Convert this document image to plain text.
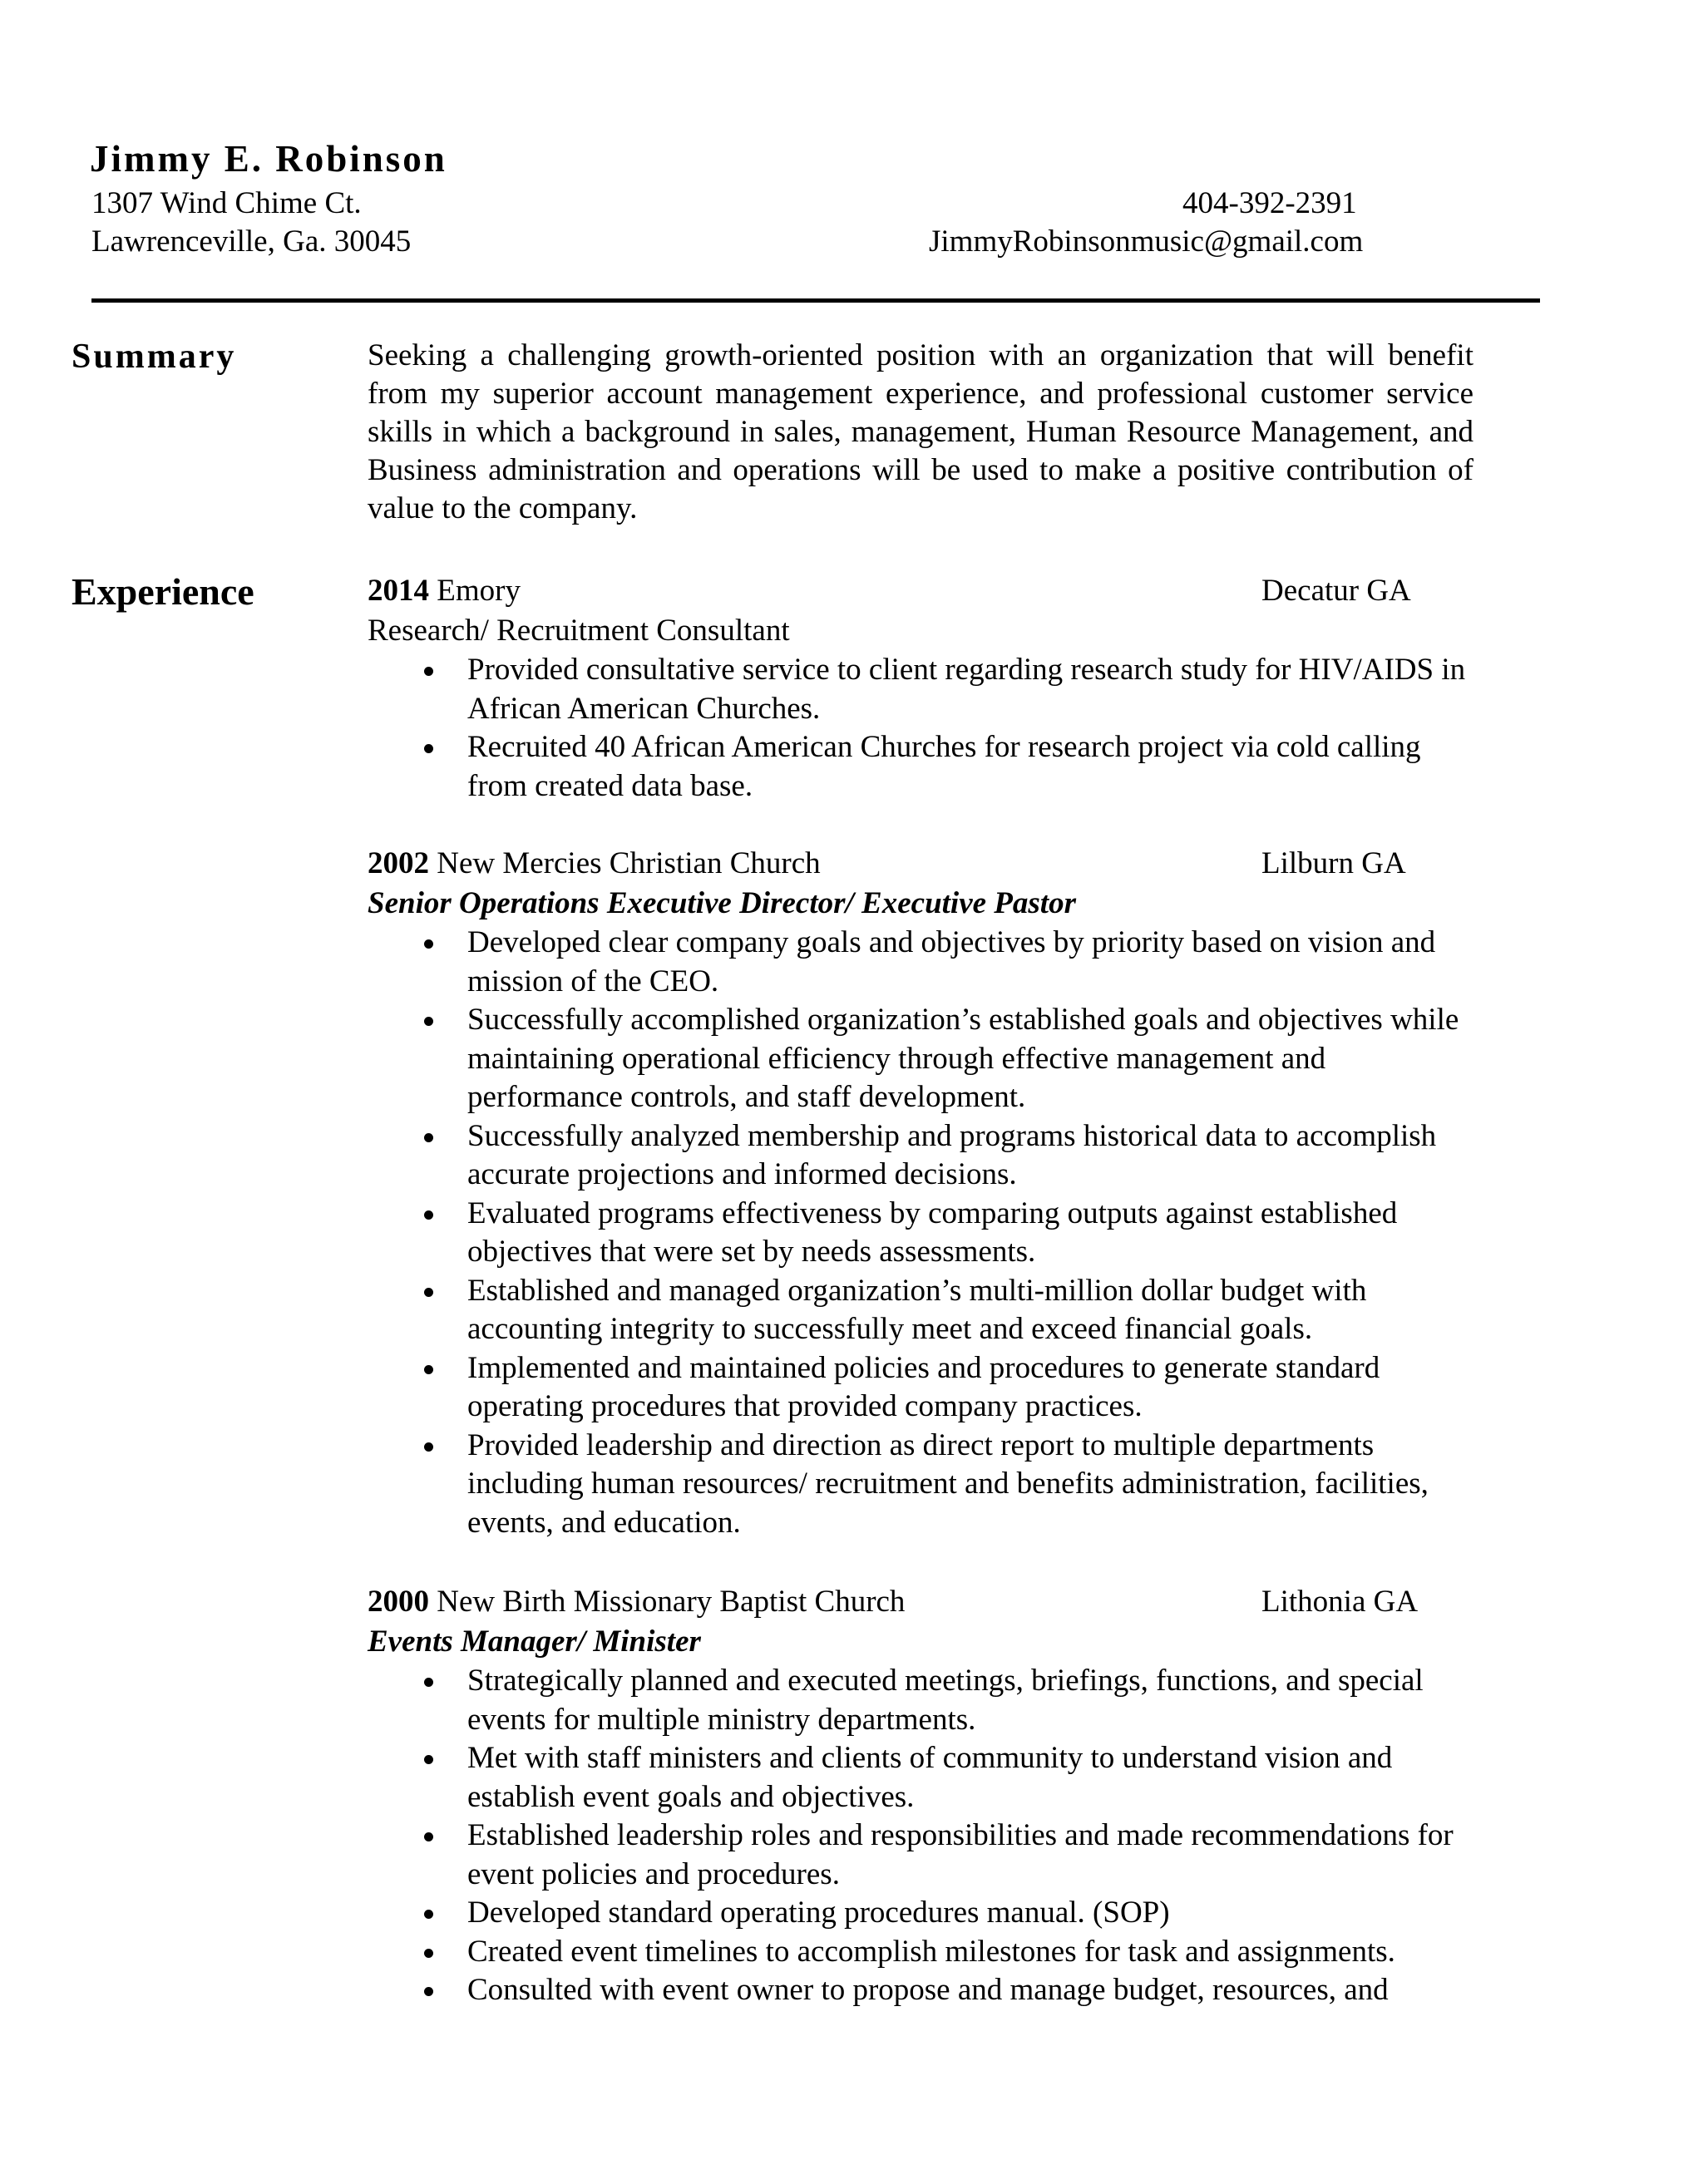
Jimmy E. Robinson

1307 Wind Chime Ct.

Lawrenceville, Ga. 30045

404-392-2391

JimmyRobinsonmusic@gmail.com

Summary	Seeking a challenging growth-oriented position with an organization that will benefit from my superior account management experience, and professional customer service skills in which a background in sales, management, Human Resource Management, and Business administration and operations will be used to make a positive contribution of value to the company.

Experience	2014 Emory	Decatur GA

Research/ Recruitment Consultant

Provided consultative service to client regarding research study for HIV/AIDS in African American Churches.
Recruited 40 African American Churches for research project via cold calling from created data base.
2002 New Mercies Christian Church	Lilburn GA

Senior Operations Executive Director/ Executive Pastor

Developed clear company goals and objectives by priority based on vision and mission of the CEO.
Successfully accomplished organization’s established goals and objectives while maintaining operational efficiency through effective management and performance controls, and staff development.
Successfully analyzed membership and programs historical data to accomplish accurate projections and informed decisions.
Evaluated programs effectiveness by comparing outputs against established objectives that were set by needs assessments.
Established and managed organization’s multi-million dollar budget with accounting integrity to successfully meet and exceed financial goals.
Implemented and maintained policies and procedures to generate standard operating procedures that provided company practices.
Provided leadership and direction as direct report to multiple departments including human resources/ recruitment and benefits administration, facilities, events, and education.
2000 New Birth Missionary Baptist Church	Lithonia GA

Events Manager/ Minister

Strategically planned and executed meetings, briefings, functions, and special events for multiple ministry departments.
Met with staff ministers and clients of community to understand vision and establish event goals and objectives.
Established leadership roles and responsibilities and made recommendations for event policies and procedures.
Developed standard operating procedures manual. (SOP)
Created event timelines to accomplish milestones for task and assignments.
Consulted with event owner to propose and manage budget, resources, and
